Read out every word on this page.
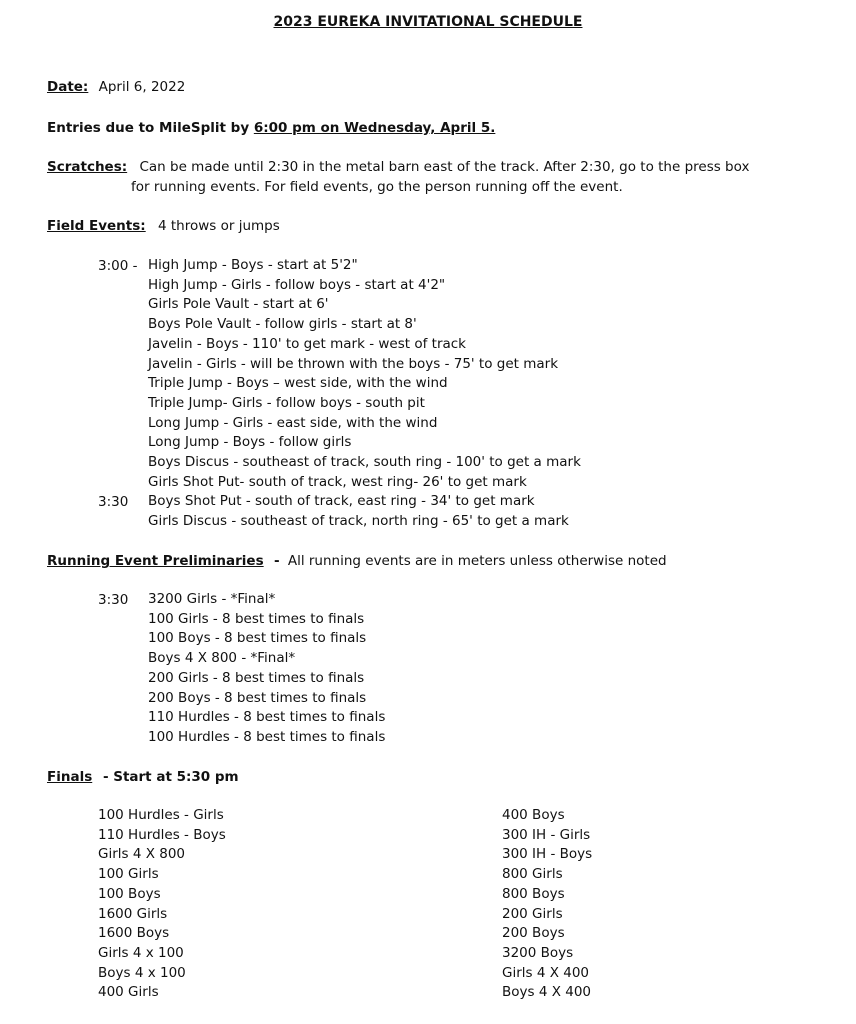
2023 EUREKA INVITATIONAL SCHEDULE
Date: April 6, 2022
Entries due to MileSplit by 6:00 pm on Wednesday, April 5.
Scratches: Can be made until 2:30 in the metal barn east of the track. After 2:30, go to the press box
for running events. For field events, go the person running off the event.
Field Events: 4 throws or jumps
3:00 -
3:30
High Jump - Boys - start at 5'2"
High Jump - Girls - follow boys - start at 4'2"
Girls Pole Vault - start at 6'
Boys Pole Vault - follow girls - start at 8'
Javelin - Boys - 110' to get mark - west of track
Javelin - Girls - will be thrown with the boys - 75' to get mark
Triple Jump - Boys – west side, with the wind
Triple Jump- Girls - follow boys - south pit
Long Jump - Girls - east side, with the wind
Long Jump - Boys - follow girls
Boys Discus - southeast of track, south ring - 100' to get a mark
Girls Shot Put- south of track, west ring- 26' to get mark
Boys Shot Put - south of track, east ring - 34' to get mark
Girls Discus - southeast of track, north ring - 65' to get a mark
Running Event Preliminaries - All running events are in meters unless otherwise noted
3:30 3200 Girls - *Final*
100 Girls - 8 best times to finals
100 Boys - 8 best times to finals
Boys 4 X 800 - *Final*
200 Girls - 8 best times to finals
200 Boys - 8 best times to finals
110 Hurdles - 8 best times to finals
100 Hurdles - 8 best times to finals
Finals - Start at 5:30 pm
100 Hurdles - Girls
110 Hurdles - Boys
Girls 4 X 800
100 Girls
100 Boys
1600 Girls
1600 Boys
Girls 4 x 100
Boys 4 x 100
400 Girls
400 Boys
300 IH - Girls
300 IH - Boys
800 Girls
800 Boys
200 Girls
200 Boys
3200 Boys
Girls 4 X 400
Boys 4 X 400
